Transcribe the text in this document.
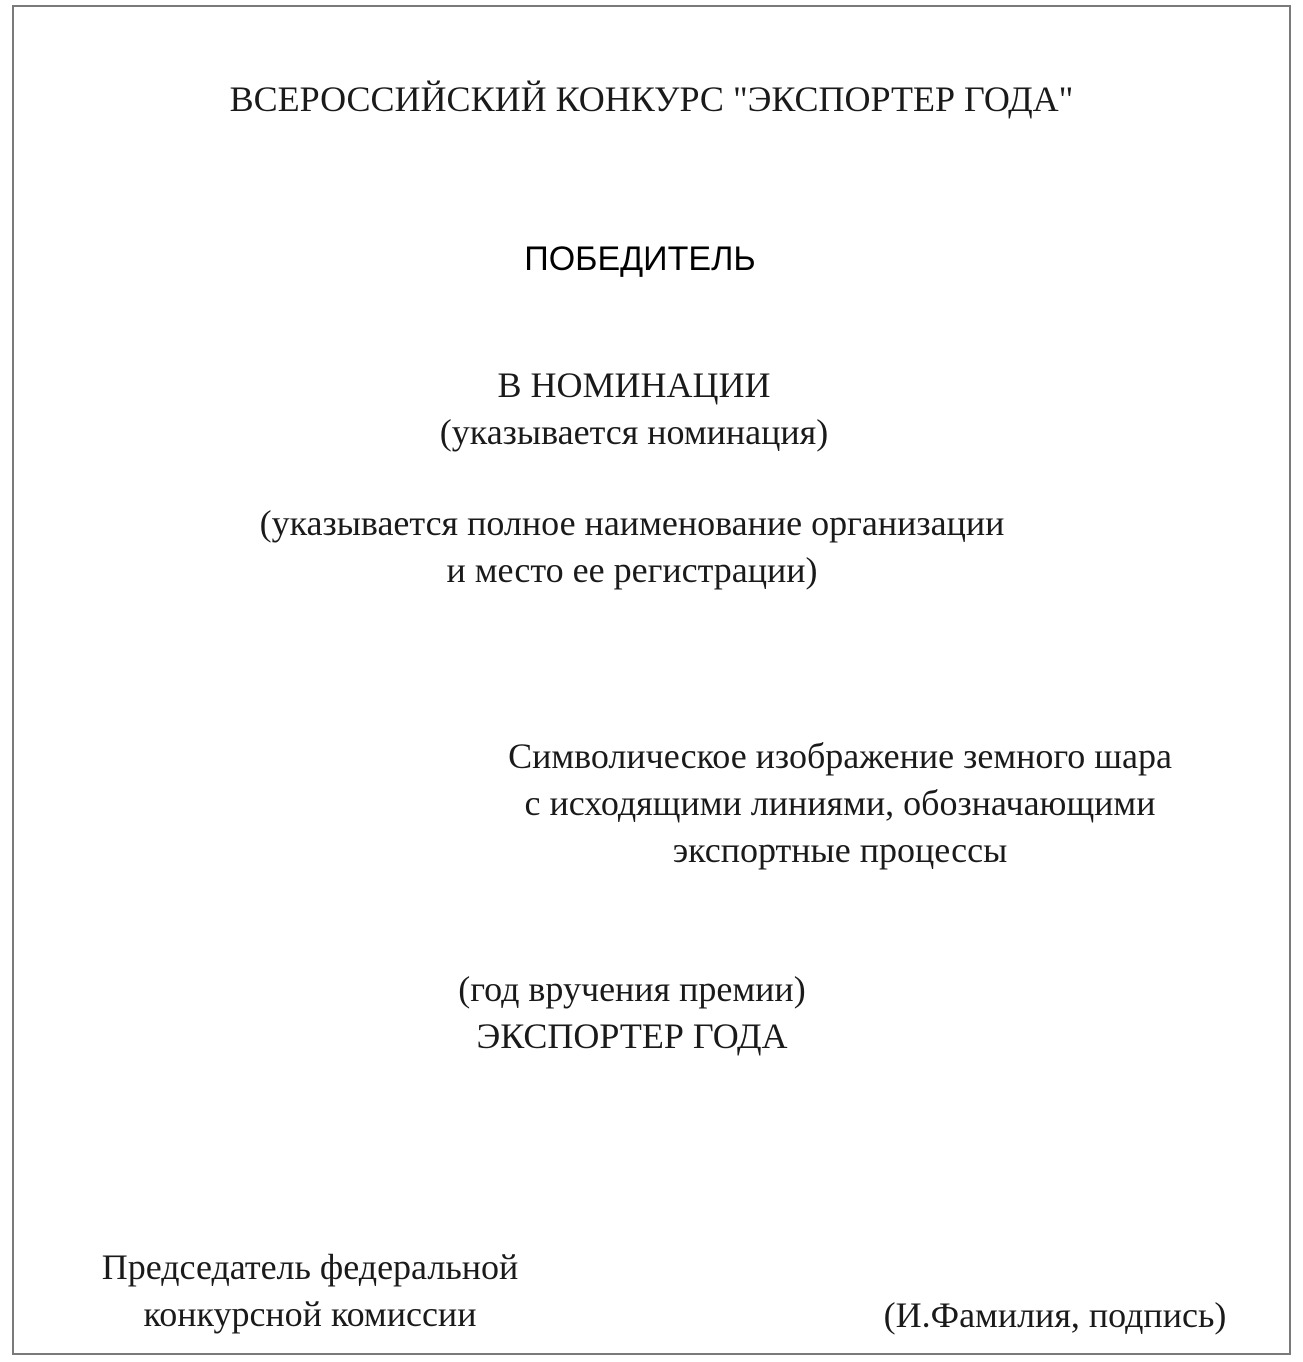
ВСЕРОССИЙСКИЙ КОНКУРС "ЭКСПОРТЕР ГОДА"
ПОБЕДИТЕЛЬ
В НОМИНАЦИИ
(указывается номинация)
(указывается полное наименование организации
и место ее регистрации)
Символическое изображение земного шара
с исходящими линиями, обозначающими
экспортные процессы
(год вручения премии)
ЭКСПОРТЕР ГОДА
Председатель федеральной
конкурсной комиссии	(И.Фамилия, подпись)
